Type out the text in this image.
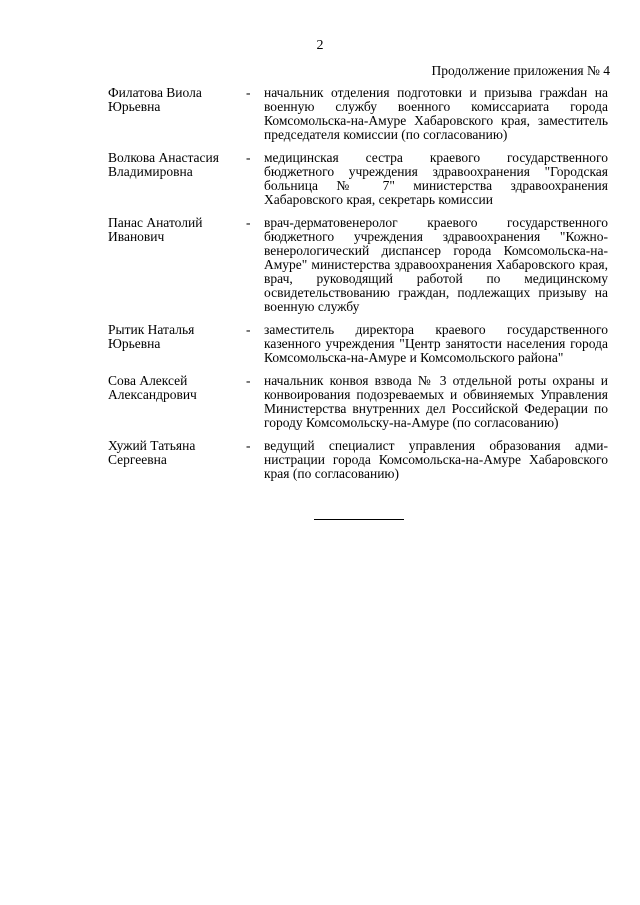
2
Продолжение приложения № 4
Филатова Виола
Юрьевна
-	начальник отделения подготовки и призыва гражdан на военную службу военного комиссариата города Комсомольска-на-Амуре Хабаровского края, заместитель председателя комиссии (по согласованию)
Волкова Анастасия
Владимировна
-	медицинская сестра краевого государственного бюджетного учреждения здравоохранения "Городская больница № 7" министерства здравоохранения Хабаровского края, секретарь комиссии
Панас Анатолий
Иванович
-	врач-дерматовенеролог краевого государственного бюджетного учреждения здравоохранения "Кожновенерологический диспансер города Комсомольска-на-Амуре" министерства здравоохранения Хабаровского края, врач, руководящий работой по медицинскому освидетельствованию граждан, подлежащих призыву на военную службу
Рытик Наталья
Юрьевна
-	заместитель директора краевого государственного казенного учреждения "Центр занятости населения города Комсомольска-на-Амуре и Комсомольского района"
Сова Алексей
Александрович
-	начальник конвоя взвода № 3 отдельной роты охраны и конвоирования подозреваемых и обвиняемых Управления Министерства внутренних дел Российской Федерации по городу Комсомольску-на-Амуре (по согласованию)
Хужий Татьяна
Сергеевна
-	ведущий специалист управления образования администрации города Комсомольска-на-Амуре Хабаровского края (по согласованию)
